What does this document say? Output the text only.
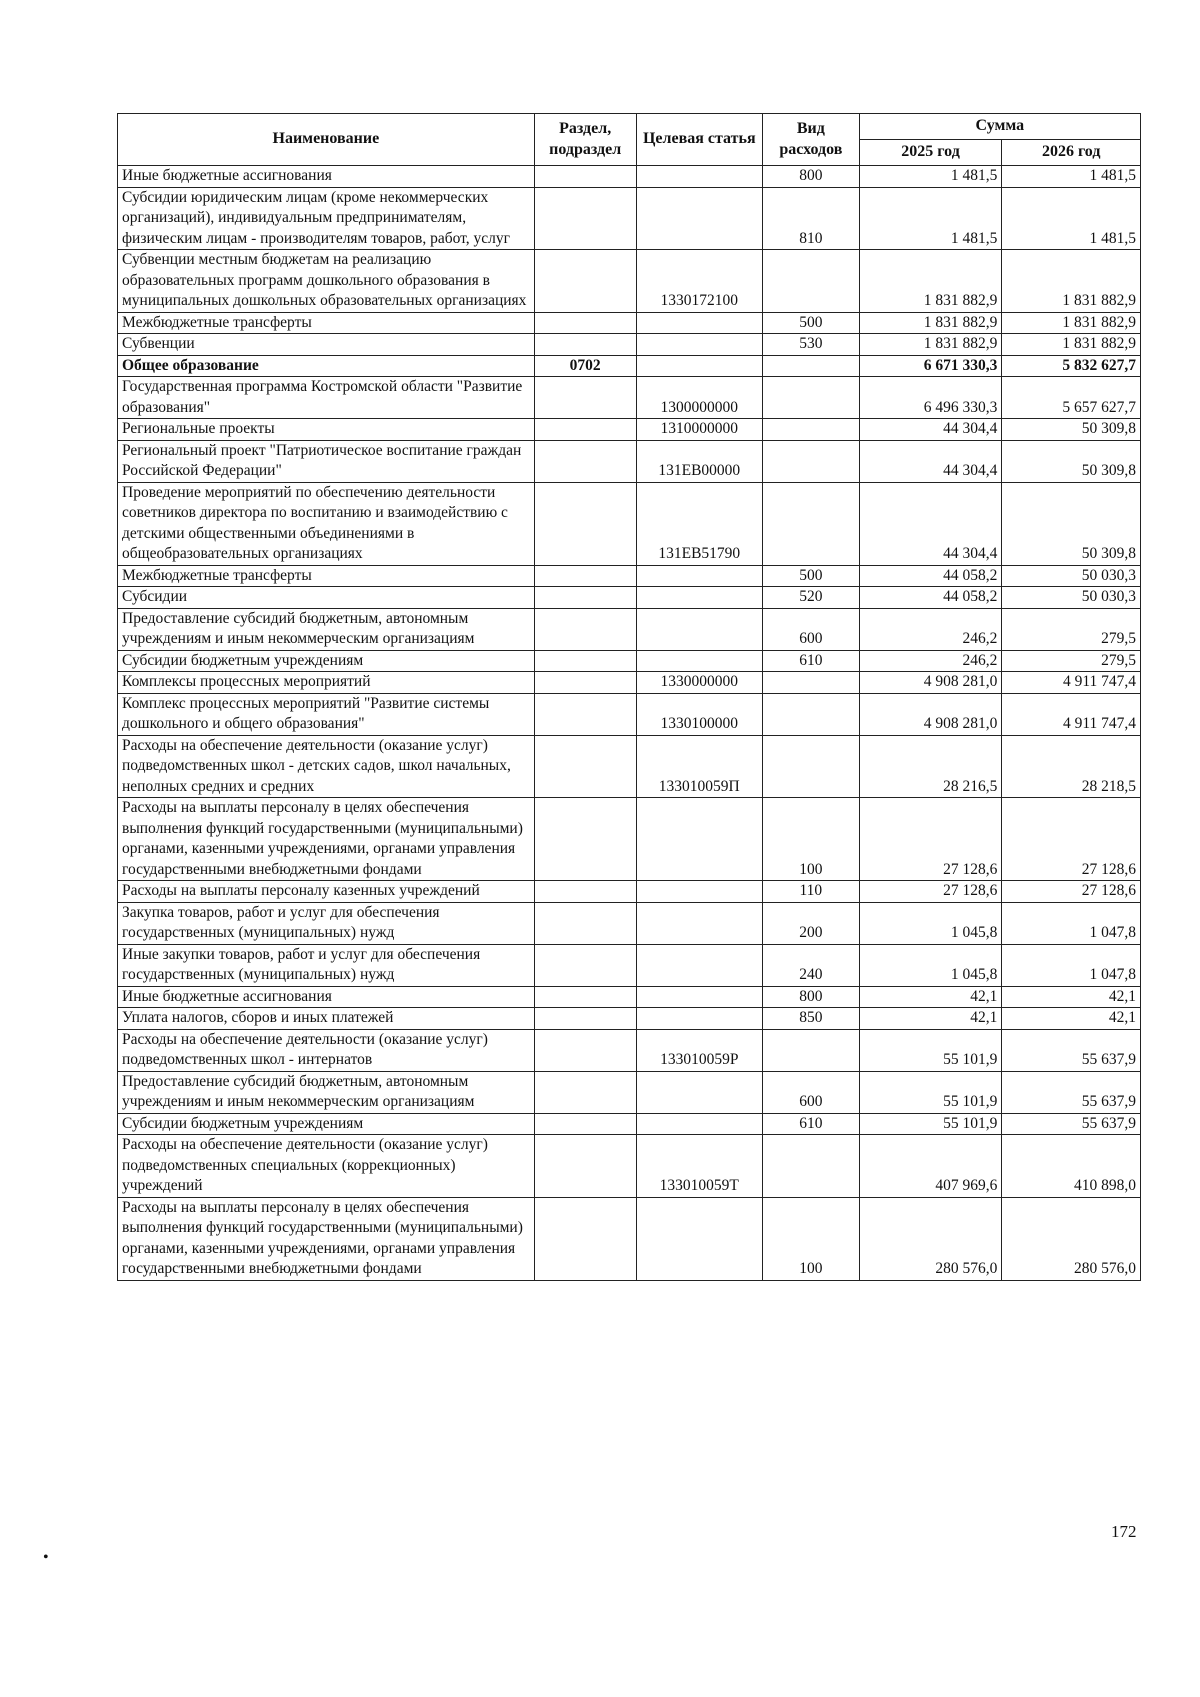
Наименование	Раздел, подраздел	Целевая статья	Вид расходов	Сумма	
				2025 год	2026 год
Иные бюджетные ассигнования			800	1 481,5	1 481,5
Субсидии юридическим лицам (кроме некоммерческих организаций), индивидуальным предпринимателям, физическим лицам - производителям товаров, работ, услуг			810	1 481,5	1 481,5
Субвенции местным бюджетам на реализацию образовательных программ дошкольного образования в муниципальных дошкольных образовательных организациях		1330172100		1 831 882,9	1 831 882,9
Межбюджетные трансферты			500	1 831 882,9	1 831 882,9
Субвенции			530	1 831 882,9	1 831 882,9
Общее образование	0702			6 671 330,3	5 832 627,7
Государственная программа Костромской области "Развитие образования"		1300000000		6 496 330,3	5 657 627,7
Региональные проекты		1310000000		44 304,4	50 309,8
Региональный проект "Патриотическое воспитание граждан Российской Федерации"		131EB00000		44 304,4	50 309,8
Проведение мероприятий по обеспечению деятельности советников директора по воспитанию и взаимодействию с детскими общественными объединениями в общеобразовательных организациях		131EB51790		44 304,4	50 309,8
Межбюджетные трансферты			500	44 058,2	50 030,3
Субсидии			520	44 058,2	50 030,3
Предоставление субсидий бюджетным, автономным учреждениям и иным некоммерческим организациям			600	246,2	279,5
Субсидии бюджетным учреждениям			610	246,2	279,5
Комплексы процессных мероприятий		1330000000		4 908 281,0	4 911 747,4
Комплекс процессных мероприятий "Развитие системы дошкольного и общего образования"		1330100000		4 908 281,0	4 911 747,4
Расходы на обеспечение деятельности (оказание услуг) подведомственных школ - детских садов, школ начальных, неполных средних и средних		133010059П		28 216,5	28 218,5
Расходы на выплаты персоналу в целях обеспечения выполнения функций государственными (муниципальными) органами, казенными учреждениями, органами управления государственными внебюджетными фондами			100	27 128,6	27 128,6
Расходы на выплаты персоналу казенных учреждений			110	27 128,6	27 128,6
Закупка товаров, работ и услуг для обеспечения государственных (муниципальных) нужд			200	1 045,8	1 047,8
Иные закупки товаров, работ и услуг для обеспечения государственных (муниципальных) нужд			240	1 045,8	1 047,8
Иные бюджетные ассигнования			800	42,1	42,1
Уплата налогов, сборов и иных платежей			850	42,1	42,1
Расходы на обеспечение деятельности (оказание услуг) подведомственных школ - интернатов		133010059Р		55 101,9	55 637,9
Предоставление субсидий бюджетным, автономным учреждениям и иным некоммерческим организациям			600	55 101,9	55 637,9
Субсидии бюджетным учреждениям			610	55 101,9	55 637,9
Расходы на обеспечение деятельности (оказание услуг) подведомственных специальных (коррекционных) учреждений		133010059Т		407 969,6	410 898,0
Расходы на выплаты персоналу в целях обеспечения выполнения функций государственными (муниципальными) органами, казенными учреждениями, органами управления государственными внебюджетными фондами			100	280 576,0	280 576,0
172
•
